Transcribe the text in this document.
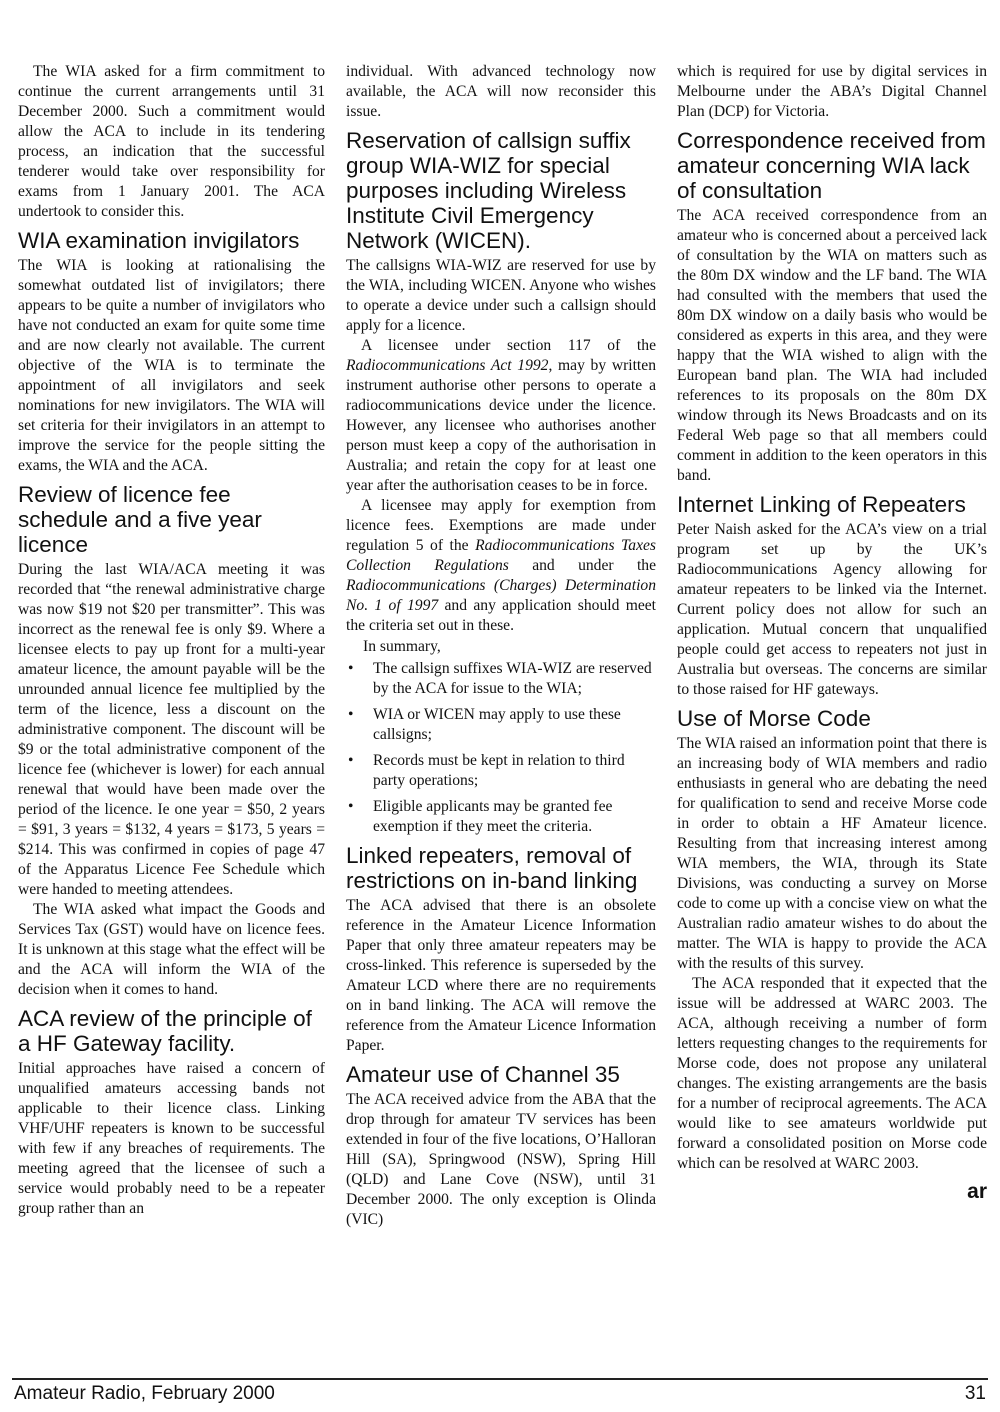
The WIA asked for a firm commitment to continue the current arrangements until 31 December 2000. Such a commitment would allow the ACA to include in its tendering process, an indication that the successful tenderer would take over responsibility for exams from 1 January 2001. The ACA undertook to consider this.

WIA examination invigilators

The WIA is looking at rationalising the somewhat outdated list of invigilators; there appears to be quite a number of invigilators who have not conducted an exam for quite some time and are now clearly not available. The current objective of the WIA is to terminate the appointment of all invigilators and seek nominations for new invigilators. The WIA will set criteria for their invigilators in an attempt to improve the service for the people sitting the exams, the WIA and the ACA.

Review of licence fee schedule and a five year licence

During the last WIA/ACA meeting it was recorded that “the renewal administrative charge was now $19 not $20 per transmitter”. This was incorrect as the renewal fee is only $9. Where a licensee elects to pay up front for a multi-year amateur licence, the amount payable will be the unrounded annual licence fee multiplied by the term of the licence, less a discount on the administrative component. The discount will be $9 or the total administrative component of the licence fee (whichever is lower) for each annual renewal that would have been made over the period of the licence. Ie one year = $50, 2 years = $91, 3 years = $132, 4 years = $173, 5 years = $214. This was confirmed in copies of page 47 of the Apparatus Licence Fee Schedule which were handed to meeting attendees.

The WIA asked what impact the Goods and Services Tax (GST) would have on licence fees. It is unknown at this stage what the effect will be and the ACA will inform the WIA of the decision when it comes to hand.

ACA review of the principle of a HF Gateway facility.

Initial approaches have raised a concern of unqualified amateurs accessing bands not applicable to their licence class. Linking VHF/UHF repeaters is known to be successful with few if any breaches of requirements. The meeting agreed that the licensee of such a service would probably need to be a repeater group rather than an

individual. With advanced technology now available, the ACA will now reconsider this issue.

Reservation of callsign suffix group WIA-WIZ for special purposes including Wireless Institute Civil Emergency Network (WICEN).

The callsigns WIA-WIZ are reserved for use by the WIA, including WICEN. Anyone who wishes to operate a device under such a callsign should apply for a licence.

A licensee under section 117 of the Radiocommunications Act 1992, may by written instrument authorise other persons to operate a radiocommunications device under the licence. However, any licensee who authorises another person must keep a copy of the authorisation in Australia; and retain the copy for at least one year after the authorisation ceases to be in force.

A licensee may apply for exemption from licence fees. Exemptions are made under regulation 5 of the Radiocommunications Taxes Collection Regulations and under the Radiocommunications (Charges) Determination No. 1 of 1997 and any application should meet the criteria set out in these.

In summary,

• The callsign suffixes WIA-WIZ are reserved by the ACA for issue to the WIA;
• WIA or WICEN may apply to use these callsigns;
• Records must be kept in relation to third party operations;
• Eligible applicants may be granted fee exemption if they meet the criteria.
Linked repeaters, removal of restrictions on in-band linking

The ACA advised that there is an obsolete reference in the Amateur Licence Information Paper that only three amateur repeaters may be cross-linked. This reference is superseded by the Amateur LCD where there are no requirements on in band linking. The ACA will remove the reference from the Amateur Licence Information Paper.

Amateur use of Channel 35

The ACA received advice from the ABA that the drop through for amateur TV services has been extended in four of the five locations, O’Halloran Hill (SA), Springwood (NSW), Spring Hill (QLD) and Lane Cove (NSW), until 31 December 2000. The only exception is Olinda (VIC)

which is required for use by digital services in Melbourne under the ABA’s Digital Channel Plan (DCP) for Victoria.

Correspondence received from amateur concerning WIA lack of consultation

The ACA received correspondence from an amateur who is concerned about a perceived lack of consultation by the WIA on matters such as the 80m DX window and the LF band. The WIA had consulted with the members that used the 80m DX window on a daily basis who would be considered as experts in this area, and they were happy that the WIA wished to align with the European band plan. The WIA had included references to its proposals on the 80m DX window through its News Broadcasts and on its Federal Web page so that all members could comment in addition to the keen operators in this band.

Internet Linking of Repeaters

Peter Naish asked for the ACA’s view on a trial program set up by the UK’s Radiocommunications Agency allowing for amateur repeaters to be linked via the Internet. Current policy does not allow for such an application. Mutual concern that unqualified people could get access to repeaters not just in Australia but overseas. The concerns are similar to those raised for HF gateways.

Use of Morse Code

The WIA raised an information point that there is an increasing body of WIA members and radio enthusiasts in general who are debating the need for qualification to send and receive Morse code in order to obtain a HF Amateur licence. Resulting from that increasing interest among WIA members, the WIA, through its State Divisions, was conducting a survey on Morse code to come up with a concise view on what the Australian radio amateur wishes to do about the matter. The WIA is happy to provide the ACA with the results of this survey.

The ACA responded that it expected that the issue will be addressed at WARC 2003. The ACA, although receiving a number of form letters requesting changes to the requirements for Morse code, does not propose any unilateral changes. The existing arrangements are the basis for a number of reciprocal agreements. The ACA would like to see amateurs worldwide put forward a consolidated position on Morse code which can be resolved at WARC 2003.

ar
Amateur Radio, February 2000	31
